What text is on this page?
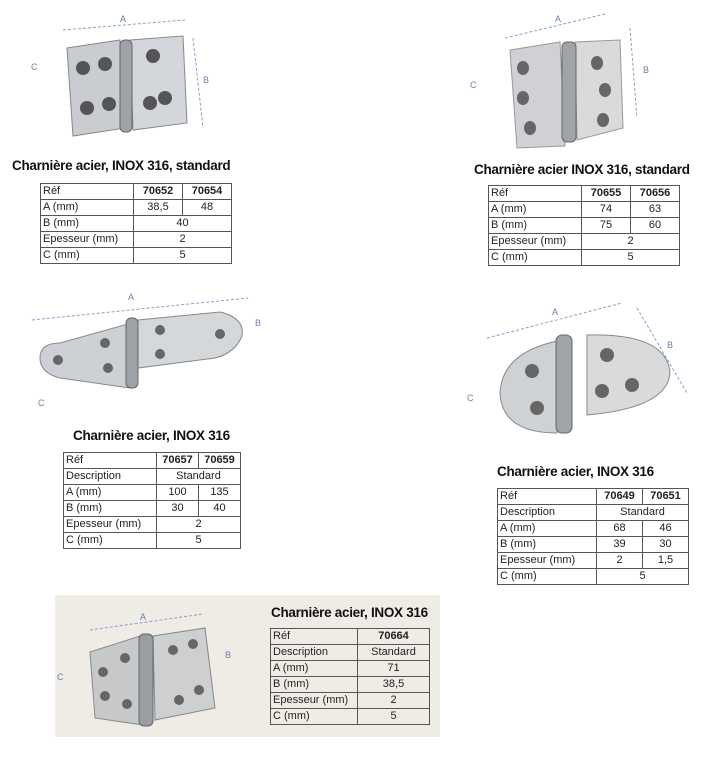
A
B
C
A
B
C
A
B
C
A
B
C
A
B
C
Charnière acier, INOX 316, standard	Charnière acier INOX 316, standard
Charnière acier, INOX 316
Charnière acier, INOX 316
Charnière acier, INOX 316
Réf	70652	70654
A (mm)	38,5	48
B (mm)	40	
Epesseur (mm)	2	
C (mm)	5	
Réf	70655	70656
A (mm)	74	63
B (mm)	75	60
Epesseur (mm)	2	
C (mm)	5	
Réf	70657	70659
Description	Standard	
A (mm)	100	135
B (mm)	30	40
Epesseur (mm)	2	
C (mm)	5	
Réf	70649	70651
Description	Standard	
A (mm)	68	46
B (mm)	39	30
Epesseur (mm)	2	1,5
C (mm)	5	
Réf	70664
Description	Standard
A (mm)	71
B (mm)	38,5
Epesseur (mm)	2
C (mm)	5
